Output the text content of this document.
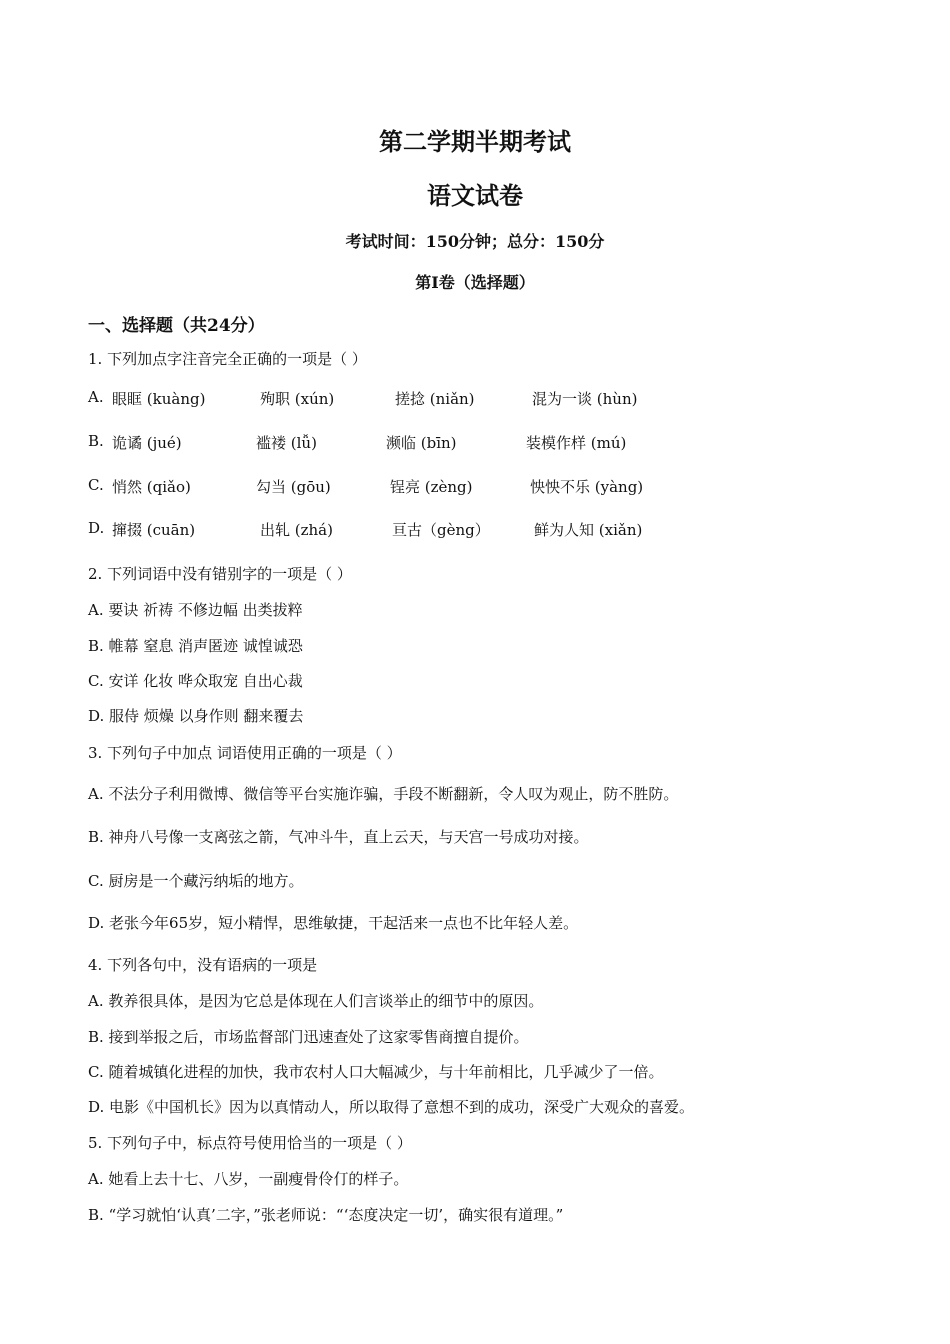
第二学期半期考试
语文试卷
考试时间：150分钟；总分：150分
第Ⅰ卷（选择题）
一、选择题（共24分）
1. 下列加点字注音完全正确的一项是（ ）
A. 眼眶 (kuàng)	殉职 (xún)	搓捻 (niǎn)	混为一谈 (hùn)
B. 诡谲 (jué)	褴褛 (lǚ)	濒临 (bīn)	装模作样 (mú)
C. 悄然 (qiǎo)	勾当 (gōu)	锃亮 (zèng)	怏怏不乐 (yàng)
D. 撺掇 (cuān)	出轧 (zhá)	亘古（gèng）	鲜为人知 (xiǎn)
2. 下列词语中没有错别字的一项是（ ）
A. 要诀 祈祷 不修边幅 出类拔粹
B. 帷幕 窒息 消声匿迹 诚惶诚恐
C. 安详 化妆 哗众取宠 自出心裁
D. 服侍 烦燥 以身作则 翻来覆去
3. 下列句子中加点 词语使用正确的一项是（ ）
A. 不法分子利用微博、微信等平台实施诈骗，手段不断翻新，令人叹为观止，防不胜防。
B. 神舟八号像一支离弦之箭，气冲斗牛，直上云天，与天宫一号成功对接。
C. 厨房是一个藏污纳垢的地方。
D. 老张今年65岁，短小精悍，思维敏捷，干起活来一点也不比年轻人差。
4. 下列各句中，没有语病的一项是
A. 教养很具体，是因为它总是体现在人们言谈举止的细节中的原因。
B. 接到举报之后，市场监督部门迅速查处了这家零售商擅自提价。
C. 随着城镇化进程的加快，我市农村人口大幅减少，与十年前相比，几乎减少了一倍。
D. 电影《中国机长》因为以真情动人，所以取得了意想不到的成功，深受广大观众的喜爱。
5. 下列句子中，标点符号使用恰当的一项是（ ）
A. 她看上去十七、八岁，一副瘦骨伶仃的样子。
B. “学习就怕‘认真’二字，”张老师说：“‘态度决定一切’，确实很有道理。”
